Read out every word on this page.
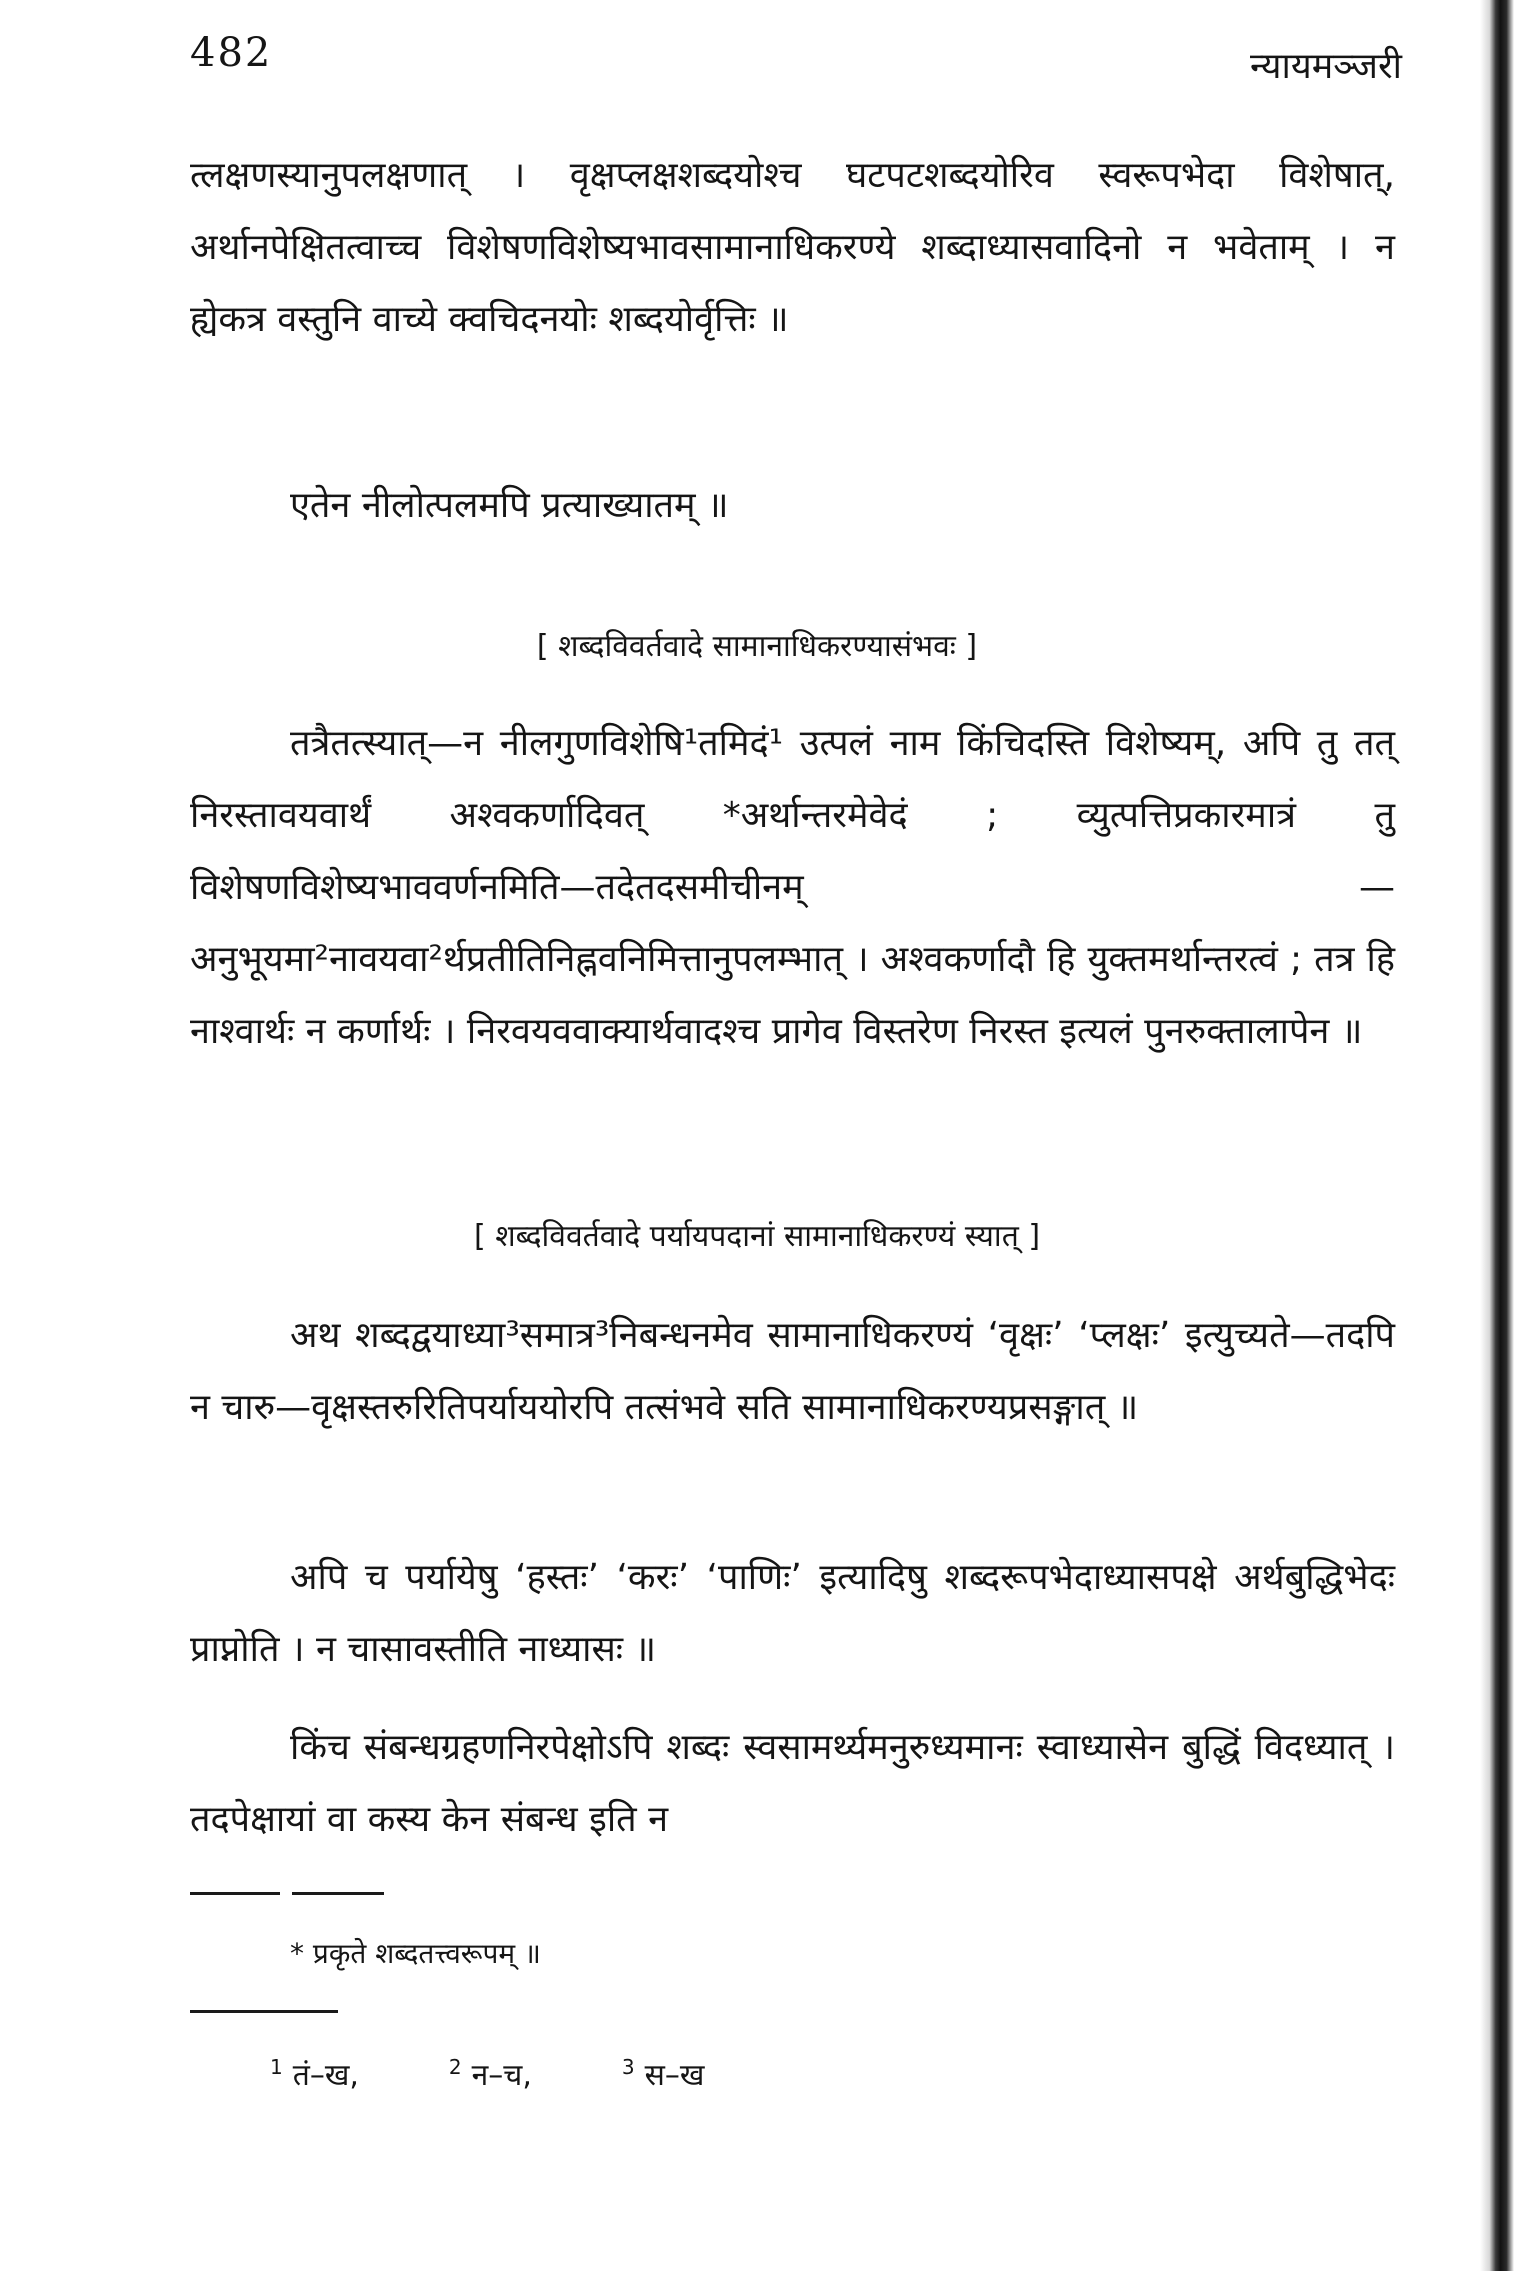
482	न्यायमञ्जरी

त्लक्षणस्यानुपलक्षणात् । वृक्षप्लक्षशब्दयोश्च घटपटशब्दयोरिव स्वरूपभेदा विशेषात्, अर्थानपेक्षितत्वाच्च विशेषणविशेष्यभावसामानाधिकरण्ये शब्दाध्यासवादिनो न भवेताम् । न ह्येकत्र वस्तुनि वाच्ये क्वचिदनयोः शब्दयोर्वृत्तिः ॥

एतेन नीलोत्पलमपि प्रत्याख्यातम् ॥

[ शब्दविवर्तवादे सामानाधिकरण्यासंभवः ]

तत्रैतत्स्यात्—न नीलगुणविशेषि¹तमिदं¹ उत्पलं नाम किंचिदस्ति विशेष्यम्, अपि तु तत् निरस्तावयवार्थं अश्वकर्णादिवत् *अर्थान्तरमेवेदं ; व्युत्पत्तिप्रकारमात्रं तु विशेषणविशेष्यभाववर्णनमिति—तदेतदसमीचीनम् — अनुभूयमा²नावयवा²र्थप्रतीतिनिह्नवनिमित्तानुपलम्भात् । अश्वकर्णादौ हि युक्तमर्थान्तरत्वं ; तत्र हि नाश्वार्थः न कर्णार्थः । निरवयववाक्यार्थवादश्च प्रागेव विस्तरेण निरस्त इत्यलं पुनरुक्तालापेन ॥

[ शब्दविवर्तवादे पर्यायपदानां सामानाधिकरण्यं स्यात् ]

अथ शब्दद्वयाध्या³समात्र³निबन्धनमेव सामानाधिकरण्यं ‘वृक्षः’ ‘प्लक्षः’ इत्युच्यते—तदपि न चारु—वृक्षस्तरुरितिपर्याययोरपि तत्संभवे सति सामानाधिकरण्यप्रसङ्गात् ॥

अपि च पर्यायेषु ‘हस्तः’ ‘करः’ ‘पाणिः’ इत्यादिषु शब्दरूपभेदाध्यासपक्षे अर्थबुद्धिभेदः प्राप्नोति । न चासावस्तीति नाध्यासः ॥

किंच संबन्धग्रहणनिरपेक्षोऽपि शब्दः स्वसामर्थ्यमनुरुध्यमानः स्वाध्यासेन बुद्धिं विदध्यात् । तदपेक्षायां वा कस्य केन संबन्ध इति न

* प्रकृते शब्दतत्त्वरूपम् ॥
$^1$ तं–ख,	$^2$ न–च,	$^3$ स–ख
